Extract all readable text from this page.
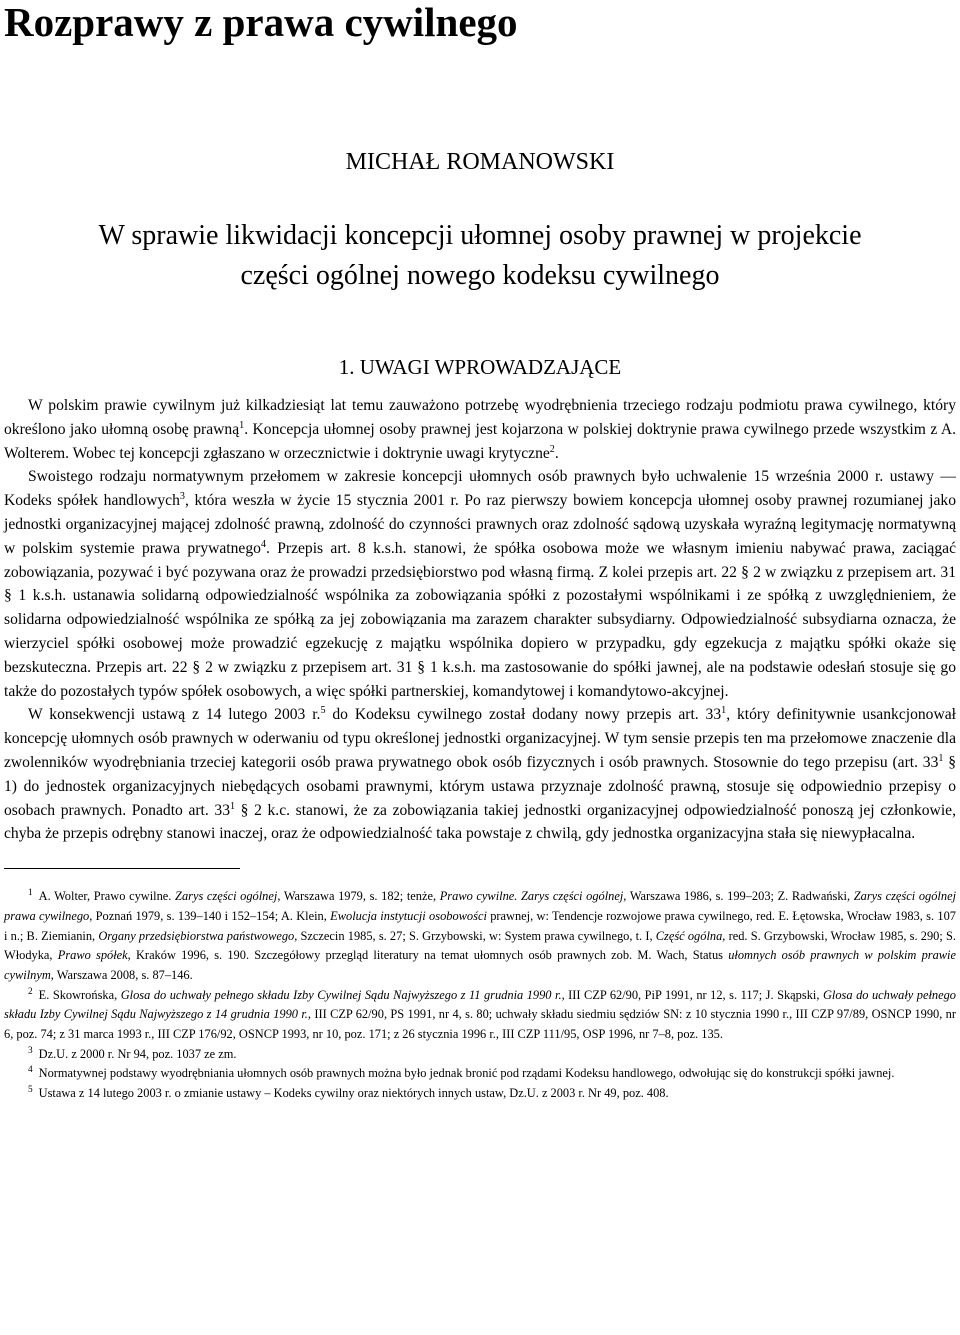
Rozprawy z prawa cywilnego
MICHAŁ ROMANOWSKI
W sprawie likwidacji koncepcji ułomnej osoby prawnej w projekcie
części ogólnej nowego kodeksu cywilnego
1. UWAGI WPROWADZAJĄCE

W polskim prawie cywilnym już kilkadziesiąt lat temu zauważono potrzebę wyodrębnienia trzeciego rodzaju podmiotu prawa cywilnego, który określono jako ułomną osobę prawną$^1$. Koncepcja ułomnej osoby prawnej jest kojarzona w polskiej doktrynie prawa cywilnego przede wszystkim z A. Wolterem. Wobec tej koncepcji zgłaszano w orzecznictwie i doktrynie uwagi krytyczne$^2$.

Swoistego rodzaju normatywnym przełomem w zakresie koncepcji ułomnych osób prawnych było uchwalenie 15 września 2000 r. ustawy ― Kodeks spółek handlowych$^3$, która weszła w życie 15 stycznia 2001 r. Po raz pierwszy bowiem koncepcja ułomnej osoby prawnej rozumianej jako jednostki organizacyjnej mającej zdolność prawną, zdolność do czynności prawnych oraz zdolność sądową uzyskała wyraźną legitymację normatywną w polskim systemie prawa prywatnego$^4$. Przepis art. 8 k.s.h. stanowi, że spółka osobowa może we własnym imieniu nabywać prawa, zaciągać zobowiązania, pozywać i być pozywana oraz że prowadzi przedsiębiorstwo pod własną firmą. Z kolei przepis art. 22 § 2 w związku z przepisem art. 31 § 1 k.s.h. ustanawia solidarną odpowiedzialność wspólnika za zobowiązania spółki z pozostałymi wspólnikami i ze spółką z uwzględnieniem, że solidarna odpowiedzialność wspólnika ze spółką za jej zobowiązania ma zarazem charakter subsydiarny. Odpowiedzialność subsydiarna oznacza, że wierzyciel spółki osobowej może prowadzić egzekucję z majątku wspólnika dopiero w przypadku, gdy egzekucja z majątku spółki okaże się bezskuteczna. Przepis art. 22 § 2 w związku z przepisem art. 31 § 1 k.s.h. ma zastosowanie do spółki jawnej, ale na podstawie odesłań stosuje się go także do pozostałych typów spółek osobowych, a więc spółki partnerskiej, komandytowej i komandytowo-akcyjnej.

W konsekwencji ustawą z 14 lutego 2003 r.$^5$ do Kodeksu cywilnego został dodany nowy przepis art. $33^1$, który definitywnie usankcjonował koncepcję ułomnych osób prawnych w oderwaniu od typu określonej jednostki organizacyjnej. W tym sensie przepis ten ma przełomowe znaczenie dla zwolenników wyodrębniania trzeciej kategorii osób prawa prywatnego obok osób fizycznych i osób prawnych. Stosownie do tego przepisu (art. $33^1$ § 1) do jednostek organizacyjnych niebędących osobami prawnymi, którym ustawa przyznaje zdolność prawną, stosuje się odpowiednio przepisy o osobach prawnych. Ponadto art. $33^1$ § 2 k.c. stanowi, że za zobowiązania takiej jednostki organizacyjnej odpowiedzialność ponoszą jej członkowie, chyba że przepis odrębny stanowi inaczej, oraz że odpowiedzialność taka powstaje z chwilą, gdy jednostka organizacyjna stała się niewypłacalna.

$^1$ A. Wolter, Prawo cywilne. Zarys części ogólnej, Warszawa 1979, s. 182; tenże, Prawo cywilne. Zarys części ogólnej, Warszawa 1986, s. 199–203; Z. Radwański, Zarys części ogólnej prawa cywilnego, Poznań 1979, s. 139–140 i 152–154; A. Klein, Ewolucja instytucji osobowości prawnej, w: Tendencje rozwojowe prawa cywilnego, red. E. Łętowska, Wrocław 1983, s. 107 i n.; B. Ziemianin, Organy przedsiębiorstwa państwowego, Szczecin 1985, s. 27; S. Grzybowski, w: System prawa cywilnego, t. I, Część ogólna, red. S. Grzybowski, Wrocław 1985, s. 290; S. Włodyka, Prawo spółek, Kraków 1996, s. 190. Szczegółowy przegląd literatury na temat ułomnych osób prawnych zob. M. Wach, Status ułomnych osób prawnych w polskim prawie cywilnym, Warszawa 2008, s. 87–146.

$^2$ E. Skowrońska, Glosa do uchwały pełnego składu Izby Cywilnej Sądu Najwyższego z 11 grudnia 1990 r., III CZP 62/90, PiP 1991, nr 12, s. 117; J. Skąpski, Glosa do uchwały pełnego składu Izby Cywilnej Sądu Najwyższego z 14 grudnia 1990 r., III CZP 62/90, PS 1991, nr 4, s. 80; uchwały składu siedmiu sędziów SN: z 10 stycznia 1990 r., III CZP 97/89, OSNCP 1990, nr 6, poz. 74; z 31 marca 1993 r., III CZP 176/92, OSNCP 1993, nr 10, poz. 171; z 26 stycznia 1996 r., III CZP 111/95, OSP 1996, nr 7–8, poz. 135.

$^3$ Dz.U. z 2000 r. Nr 94, poz. 1037 ze zm.

$^4$ Normatywnej podstawy wyodrębniania ułomnych osób prawnych można było jednak bronić pod rządami Kodeksu handlowego, odwołując się do konstrukcji spółki jawnej.

$^5$ Ustawa z 14 lutego 2003 r. o zmianie ustawy – Kodeks cywilny oraz niektórych innych ustaw, Dz.U. z 2003 r. Nr 49, poz. 408.
